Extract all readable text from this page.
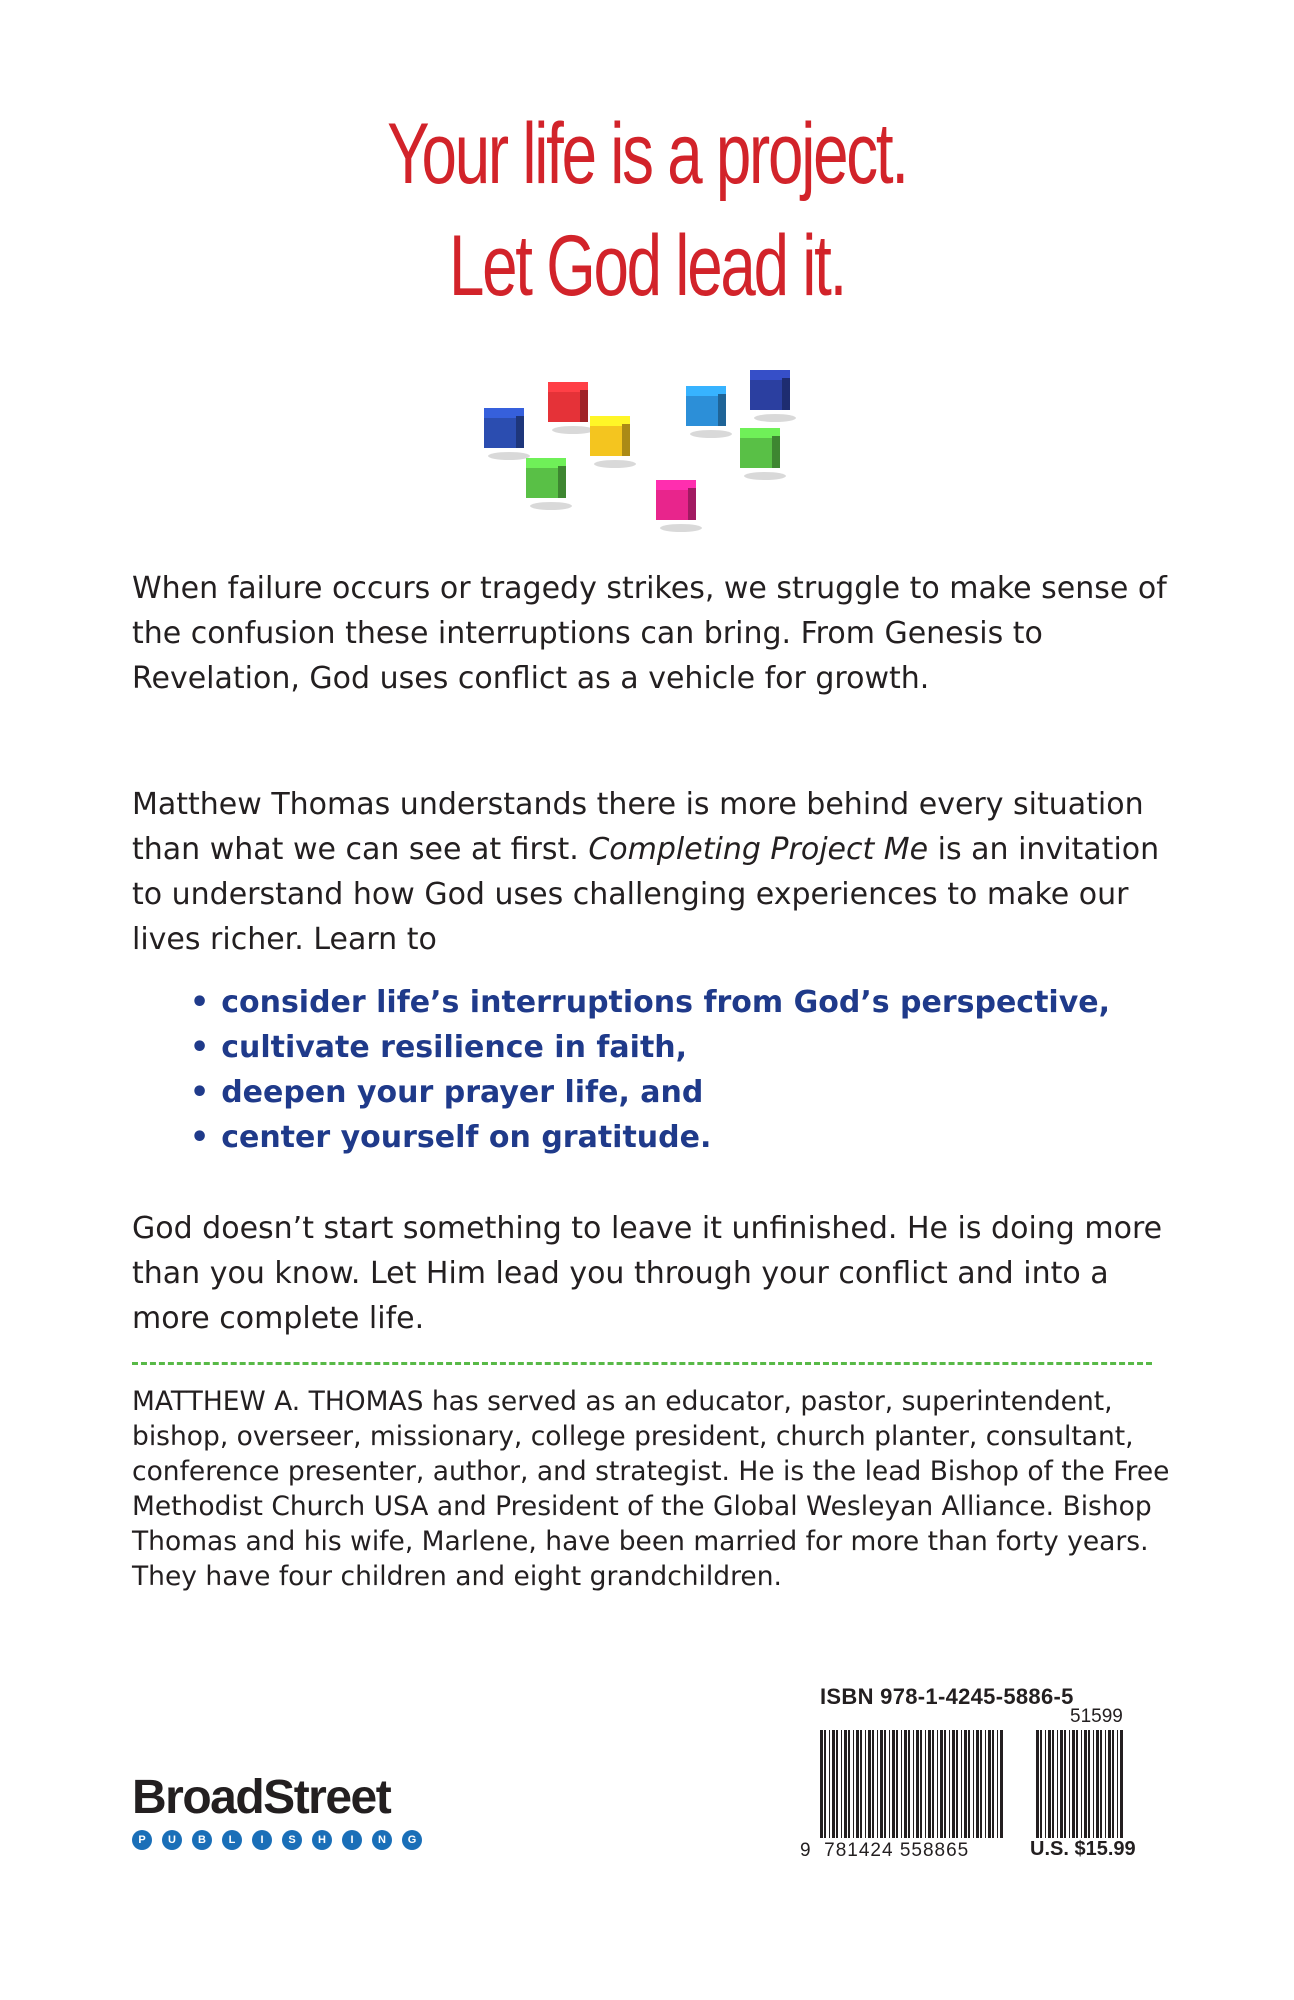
Your life is a project.
Let God lead it.

When failure occurs or tragedy strikes, we struggle to make sense of the confusion these interruptions can bring. From Genesis to Revelation, God uses conflict as a vehicle for growth.

Matthew Thomas understands there is more behind every situation than what we can see at first. Completing Project Me is an invitation to understand how God uses challenging experiences to make our lives richer. Learn to

• consider life’s interruptions from God’s perspective,
• cultivate resilience in faith,
• deepen your prayer life, and
• center yourself on gratitude.

God doesn’t start something to leave it unfinished. He is doing more than you know. Let Him lead you through your conflict and into a more complete life.

MATTHEW A. THOMAS has served as an educator, pastor, superintendent, bishop, overseer, missionary, college president, church planter, consultant, conference presenter, author, and strategist. He is the lead Bishop of the Free Methodist Church USA and President of the Global Wesleyan Alliance. Bishop Thomas and his wife, Marlene, have been married for more than forty years. They have four children and eight grandchildren.
BroadStreet
P	U	B	L	I	S	H	I	N	G
ISBN 978-1-4245-5886-5
51599
9 781424 558865	U.S. $15.99
